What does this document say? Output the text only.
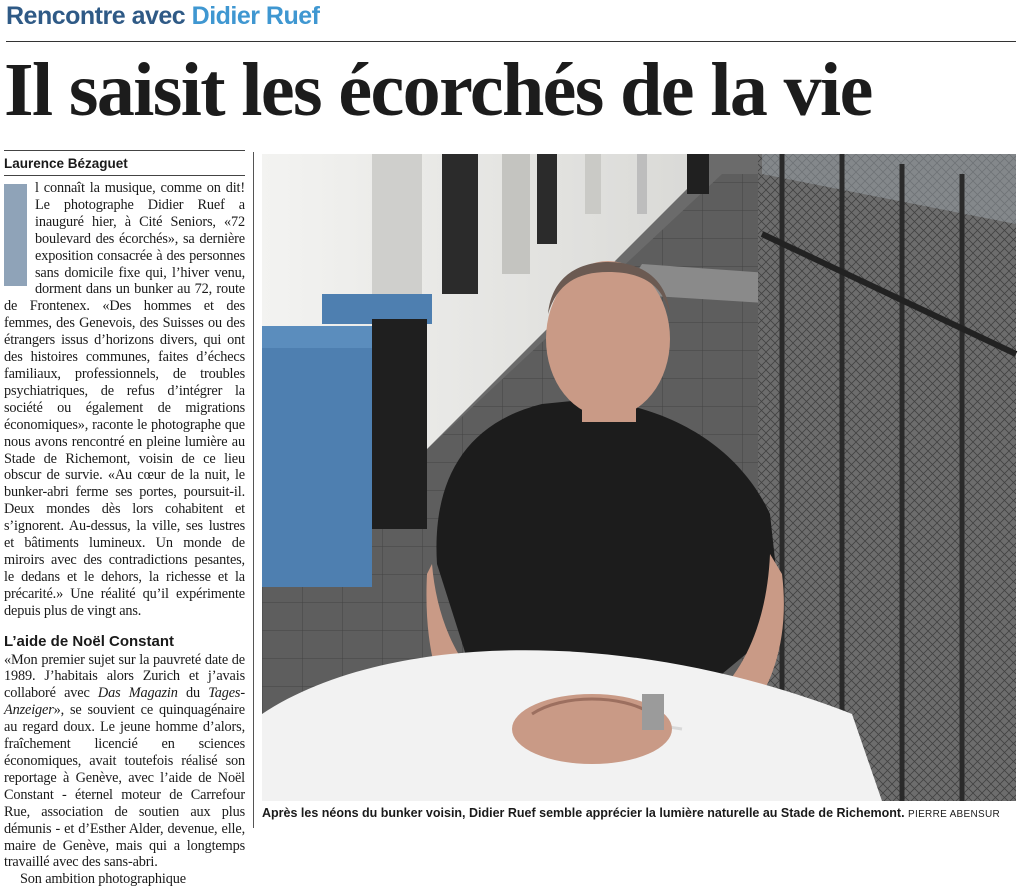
Rencontre avec Didier Ruef
Il saisit les écorchés de la vie
Laurence Bézaguet

l connaît la musique, comme on dit! Le photographe Didier Ruef a inauguré hier, à Cité Seniors, «72 boulevard des écorchés», sa dernière exposition consacrée à des personnes sans domicile fixe qui, l’hiver venu, dorment dans un bunker au 72, route de Frontenex. «Des hommes et des femmes, des Genevois, des Suisses ou des étrangers issus d’horizons divers, qui ont des histoires communes, faites d’échecs familiaux, professionnels, de troubles psychiatriques, de refus d’intégrer la société ou également de migrations économiques», raconte le photographe que nous avons rencontré en pleine lumière au Stade de Richemont, voisin de ce lieu obscur de survie. «Au cœur de la nuit, le bunker-abri ferme ses portes, poursuit-il. Deux mondes dès lors cohabitent et s’ignorent. Au-dessus, la ville, ses lustres et bâtiments lumineux. Un monde de miroirs avec des contradictions pesantes, le dedans et le dehors, la richesse et la précarité.» Une réalité qu’il expérimente depuis plus de vingt ans.

L’aide de Noël Constant

«Mon premier sujet sur la pauvreté date de 1989. J’habitais alors Zurich et j’avais collaboré avec Das Magazin du Tages-Anzeiger», se souvient ce quinquagénaire au regard doux. Le jeune homme d’alors, fraîchement licencié en sciences économiques, avait toutefois réalisé son reportage à Genève, avec l’aide de Noël Constant - éternel moteur de Carrefour Rue, association de soutien aux plus démunis - et d’Esther Alder, devenue, elle, maire de Genève, mais qui a longtemps travaillé avec des sans-abri.

Son ambition photographique

Après les néons du bunker voisin, Didier Ruef semble apprécier la lumière naturelle au Stade de Richemont. PIERRE ABENSUR
